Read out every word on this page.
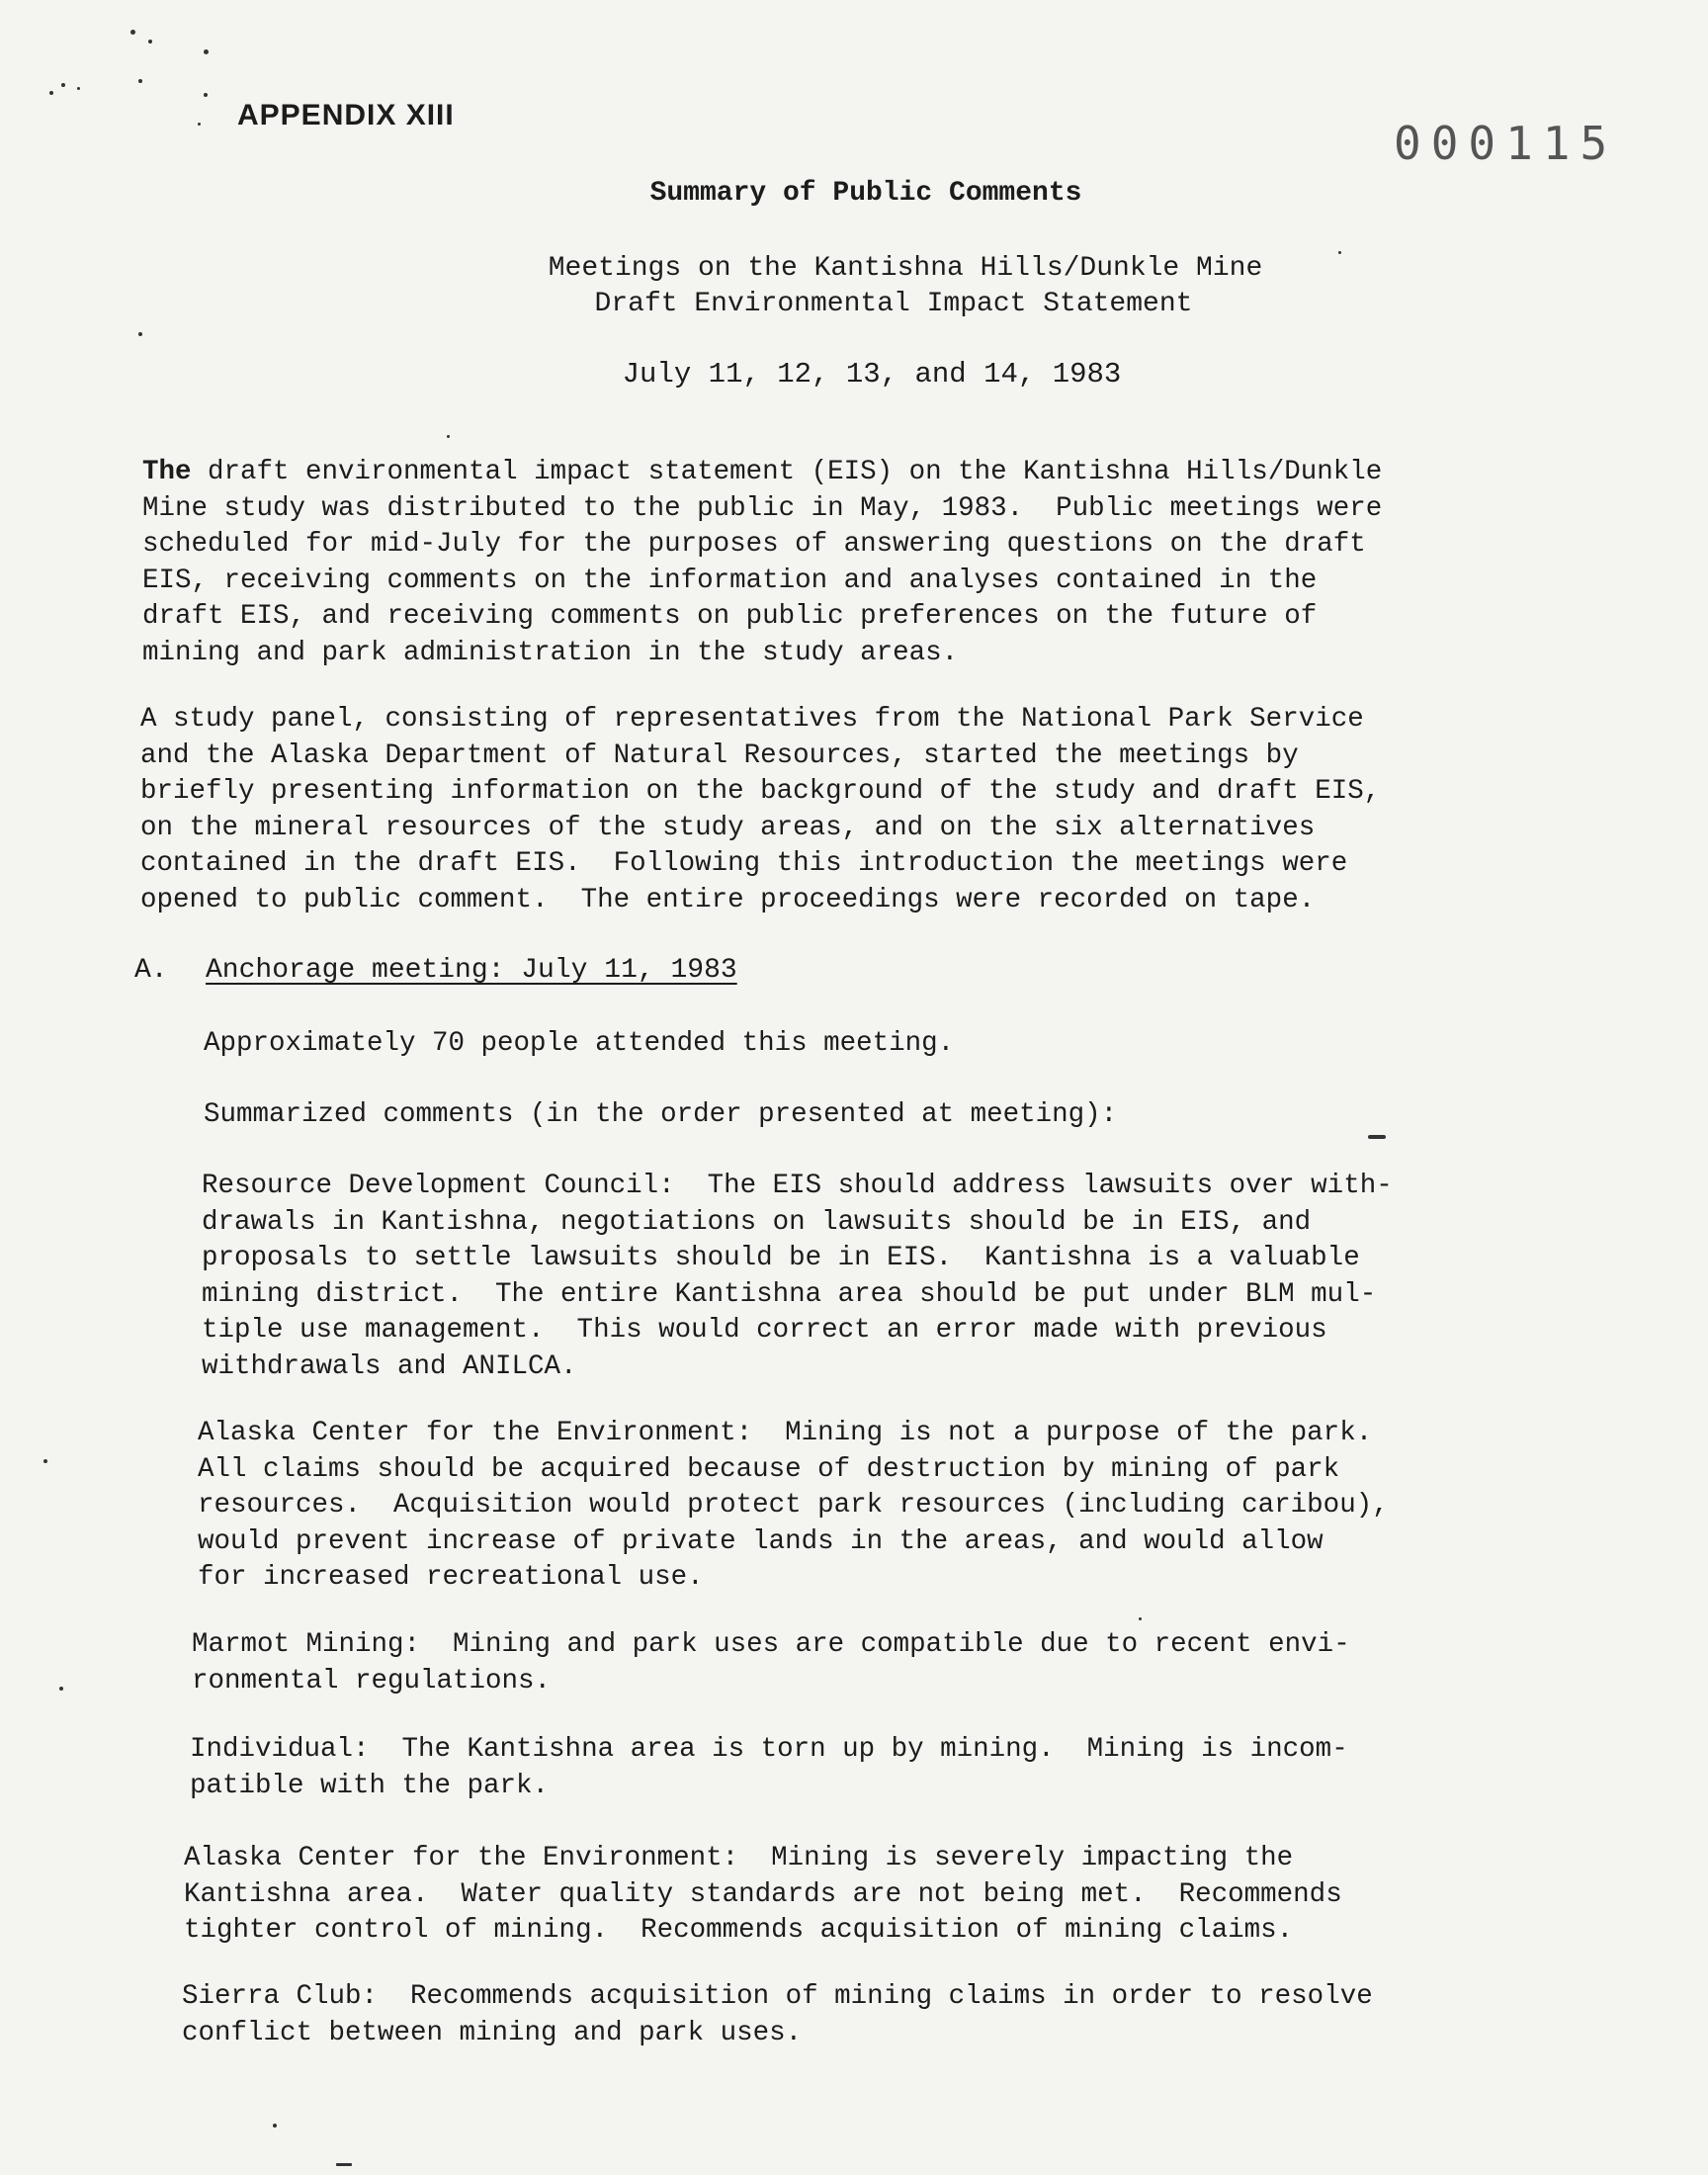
APPENDIX XIII
000115
Summary of Public Comments
Meetings on the Kantishna Hills/Dunkle Mine
Draft Environmental Impact Statement
July 11, 12, 13, and 14, 1983
The draft environmental impact statement (EIS) on the Kantishna Hills/Dunkle
Mine study was distributed to the public in May, 1983.  Public meetings were
scheduled for mid-July for the purposes of answering questions on the draft
EIS, receiving comments on the information and analyses contained in the
draft EIS, and receiving comments on public preferences on the future of
mining and park administration in the study areas.
A study panel, consisting of representatives from the National Park Service
and the Alaska Department of Natural Resources, started the meetings by
briefly presenting information on the background of the study and draft EIS,
on the mineral resources of the study areas, and on the six alternatives
contained in the draft EIS.  Following this introduction the meetings were
opened to public comment.  The entire proceedings were recorded on tape.
A. Anchorage meeting: July 11, 1983
Approximately 70 people attended this meeting.
Summarized comments (in the order presented at meeting):
Resource Development Council:  The EIS should address lawsuits over with-
drawals in Kantishna, negotiations on lawsuits should be in EIS, and
proposals to settle lawsuits should be in EIS.  Kantishna is a valuable
mining district.  The entire Kantishna area should be put under BLM mul-
tiple use management.  This would correct an error made with previous
withdrawals and ANILCA.
Alaska Center for the Environment:  Mining is not a purpose of the park.
All claims should be acquired because of destruction by mining of park
resources.  Acquisition would protect park resources (including caribou),
would prevent increase of private lands in the areas, and would allow
for increased recreational use.
Marmot Mining:  Mining and park uses are compatible due to recent envi-
ronmental regulations.
Individual:  The Kantishna area is torn up by mining.  Mining is incom-
patible with the park.
Alaska Center for the Environment:  Mining is severely impacting the
Kantishna area.  Water quality standards are not being met.  Recommends
tighter control of mining.  Recommends acquisition of mining claims.
Sierra Club:  Recommends acquisition of mining claims in order to resolve
conflict between mining and park uses.
